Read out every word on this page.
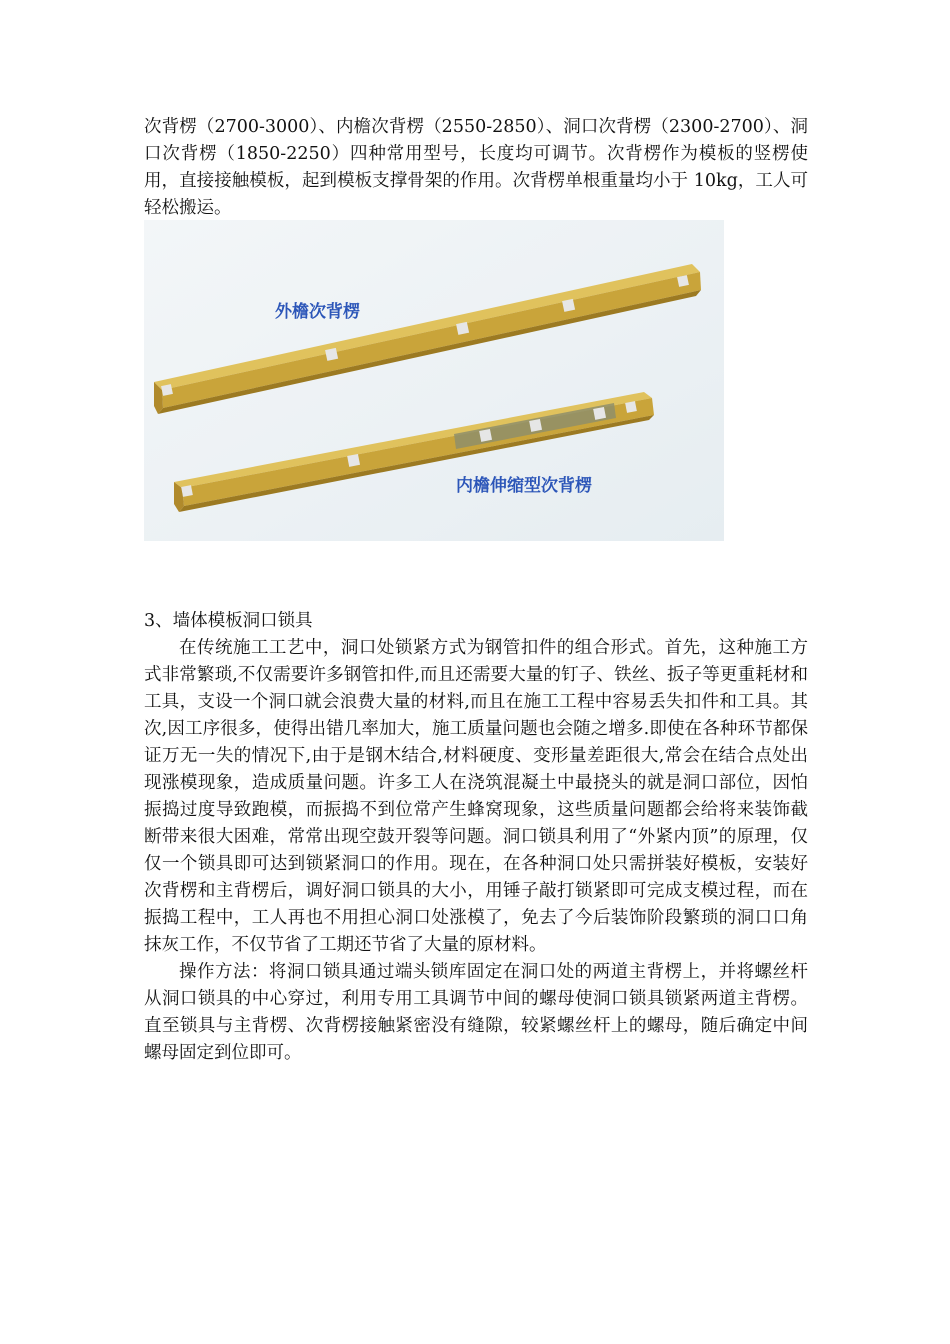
次背楞（2700-3000）、内檐次背楞（2550-2850）、洞口次背楞（2300-2700）、洞口次背楞（1850-2250）四种常用型号，长度均可调节。次背楞作为模板的竖楞使用，直接接触模板，起到模板支撑骨架的作用。次背楞单根重量均小于 10kg，工人可轻松搬运。

外檐次背楞
内檐伸缩型次背楞

3、墙体模板洞口锁具

在传统施工工艺中，洞口处锁紧方式为钢管扣件的组合形式。首先，这种施工方式非常繁琐,不仅需要许多钢管扣件,而且还需要大量的钉子、铁丝、扳子等更重耗材和工具，支设一个洞口就会浪费大量的材料,而且在施工工程中容易丢失扣件和工具。其次,因工序很多，使得出错几率加大，施工质量问题也会随之增多.即使在各种环节都保证万无一失的情况下,由于是钢木结合,材料硬度、变形量差距很大,常会在结合点处出现涨模现象，造成质量问题。许多工人在浇筑混凝土中最挠头的就是洞口部位，因怕振捣过度导致跑模，而振捣不到位常产生蜂窝现象，这些质量问题都会给将来装饰截断带来很大困难，常常出现空鼓开裂等问题。洞口锁具利用了“外紧内顶”的原理，仅仅一个锁具即可达到锁紧洞口的作用。现在，在各种洞口处只需拼装好模板，安装好次背楞和主背楞后，调好洞口锁具的大小，用锤子敲打锁紧即可完成支模过程，而在振捣工程中，工人再也不用担心洞口处涨模了，免去了今后装饰阶段繁琐的洞口口角抹灰工作，不仅节省了工期还节省了大量的原材料。

操作方法：将洞口锁具通过端头锁库固定在洞口处的两道主背楞上，并将螺丝杆从洞口锁具的中心穿过，利用专用工具调节中间的螺母使洞口锁具锁紧两道主背楞。直至锁具与主背楞、次背楞接触紧密没有缝隙，较紧螺丝杆上的螺母，随后确定中间螺母固定到位即可。
